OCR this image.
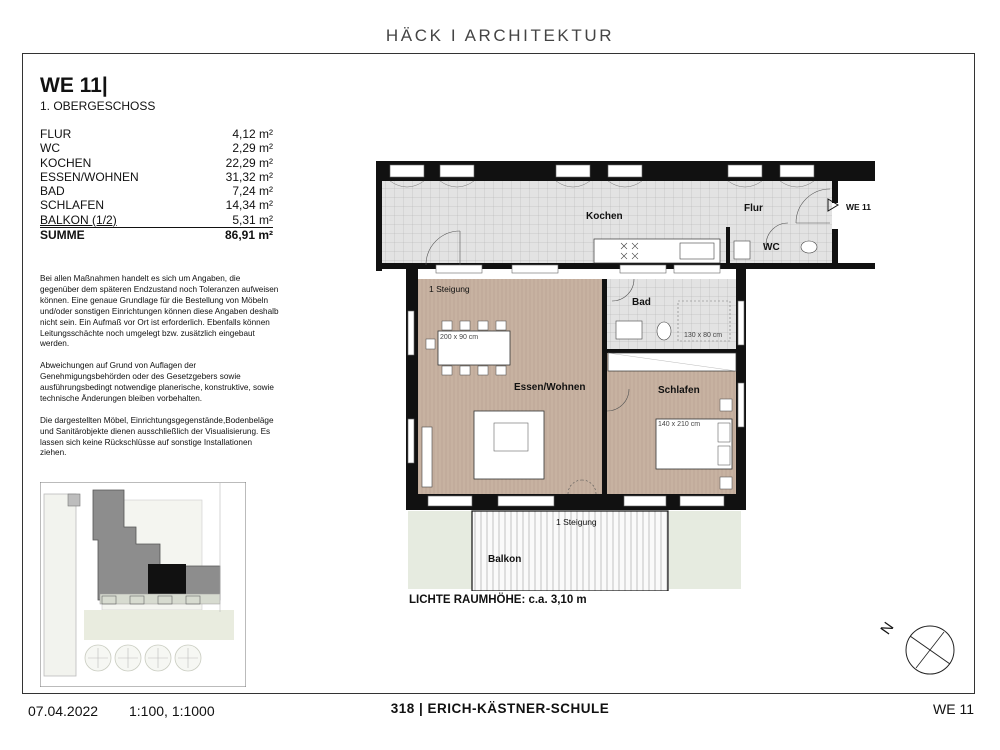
HÄCK I ARCHITEKTUR
WE 11|
1. OBERGESCHOSS
FLUR	4,12 m²
WC	2,29 m²
KOCHEN	22,29 m²
ESSEN/WOHNEN	31,32 m²
BAD	7,24 m²
SCHLAFEN	14,34 m²
BALKON (1/2)	5,31 m²
SUMME	86,91 m²

Bei allen Maßnahmen handelt es sich um Angaben, die gegenüber dem späteren Endzustand noch Toleranzen aufweisen können. Eine genaue Grundlage für die Bestellung von Möbeln und/oder sonstigen Einrichtungen können diese Angaben deshalb nicht sein. Ein Aufmaß vor Ort ist erforderlich. Ebenfalls können Leitungsschächte noch umgelegt bzw. zusätzlich eingebaut werden.

Abweichungen auf Grund von Auflagen der Genehmigungsbehörden oder des Gesetzgebers sowie ausführungsbedingt notwendige planerische, konstruktive, sowie technische Änderungen bleiben vorbehalten.

Die dargestellten Möbel, Einrichtungsgegenstände,Bodenbeläge und Sanitärobjekte dienen ausschließlich der Visualisierung. Es lassen sich keine Rückschlüsse auf sonstige Installationen ziehen.

Kochen
Flur
WC
Bad
Essen/Wohnen	Schlafen
Balkon
WE 11
1 Steigung
1 Steigung
200 x 90 cm
140 x 210 cm
130 x 80 cm
LICHTE RAUMHÖHE: c.a. 3,10 m
N
07.04.2022 1:100, 1:1000	318 | ERICH-KÄSTNER-SCHULE	WE 11
